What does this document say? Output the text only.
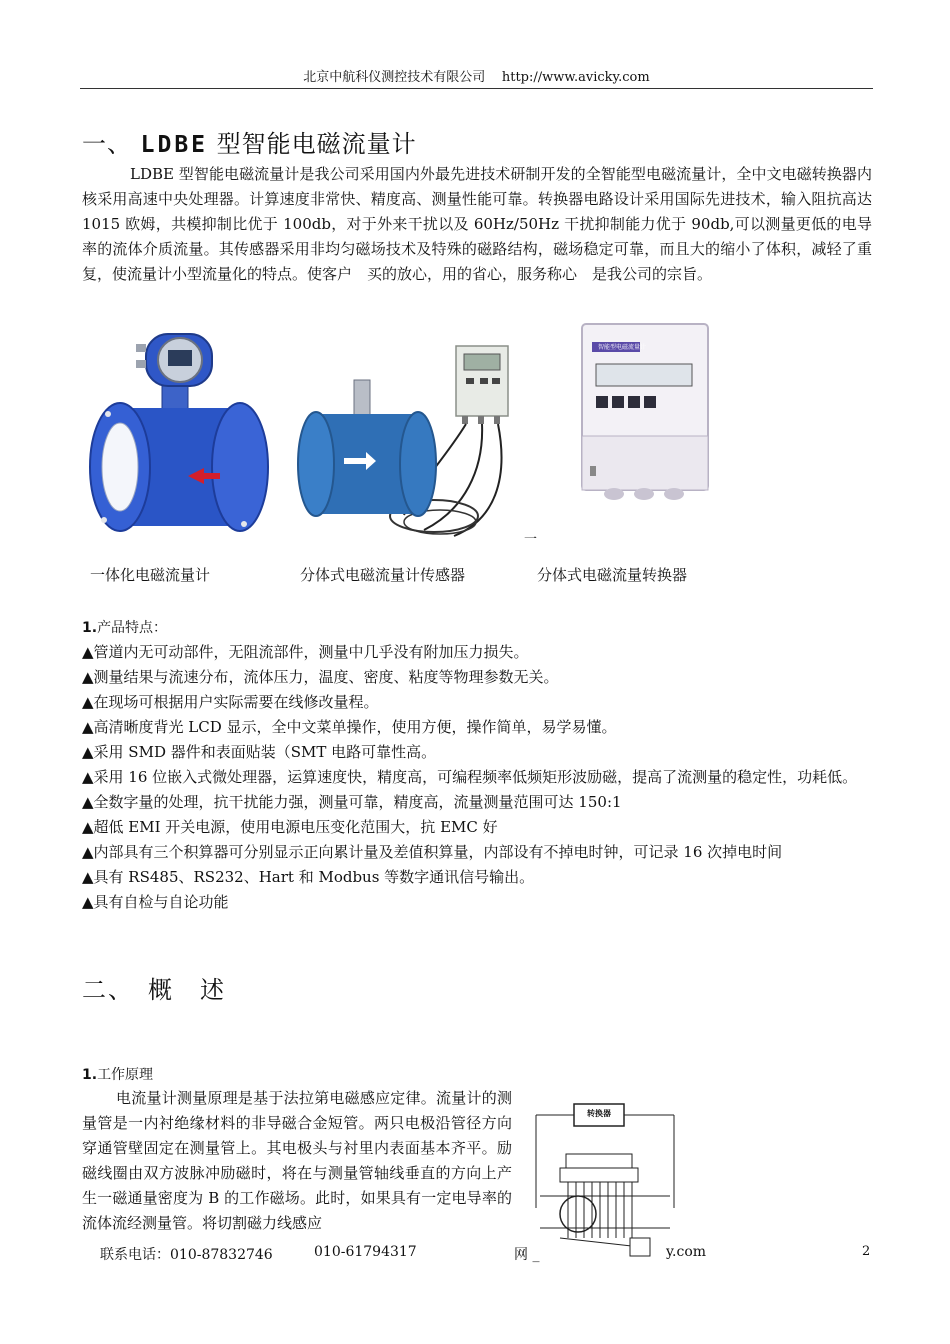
北京中航科仪测控技术有限公司 http://www.avicky.com
一、 LDBE 型智能电磁流量计
LDBE 型智能电磁流量计是我公司采用国内外最先进技术研制开发的全智能型电磁流量计，全中文电磁转换器内核采用高速中央处理器。计算速度非常快、精度高、测量性能可靠。转换器电路设计采用国际先进技术，输入阻抗高达 1015 欧姆，共模抑制比优于 100db，对于外来干扰以及 60Hz/50Hz 干扰抑制能力优于 90db,可以测量更低的电导率的流体介质流量。其传感器采用非均匀磁场技术及特殊的磁路结构，磁场稳定可靠，而且大的缩小了体积，减轻了重复，使流量计小型流量化的特点。使客户　买的放心，用的省心，服务称心　是我公司的宗旨。
智能型电磁流量计
一
一体化电磁流量计	分体式电磁流量计传感器	分体式电磁流量转换器
1.产品特点：
▲管道内无可动部件，无阻流部件，测量中几乎没有附加压力损失。
▲测量结果与流速分布，流体压力，温度、密度、粘度等物理参数无关。
▲在现场可根据用户实际需要在线修改量程。
▲高清晰度背光 LCD 显示，全中文菜单操作，使用方便，操作简单，易学易懂。
▲采用 SMD 器件和表面贴装（SMT 电路可靠性高。
▲采用 16 位嵌入式微处理器，运算速度快，精度高，可编程频率低频矩形波励磁，提高了流测量的稳定性，功耗低。
▲全数字量的处理，抗干扰能力强，测量可靠，精度高，流量测量范围可达 150:1
▲超低 EMI 开关电源，使用电源电压变化范围大，抗 EMC 好
▲内部具有三个积算器可分别显示正向累计量及差值积算量，内部设有不掉电时钟，可记录 16 次掉电时间
▲具有 RS485、RS232、Hart 和 Modbus 等数字通讯信号输出。
▲具有自检与自论功能
二、　概　述
1.工作原理
电流量计测量原理是基于法拉第电磁感应定律。流量计的测量管是一内衬绝缘材料的非导磁合金短管。两只电极沿管径方向穿通管壁固定在测量管上。其电极头与衬里内表面基本齐平。励磁线圈由双方波脉冲励磁时，将在与测量管轴线垂直的方向上产生一磁通量密度为 B 的工作磁场。此时，如果具有一定电导率的流体流经测量管。将切割磁力线感应
转换器
联系电话：010-87832746	010-61794317	网 _	y.com	2
